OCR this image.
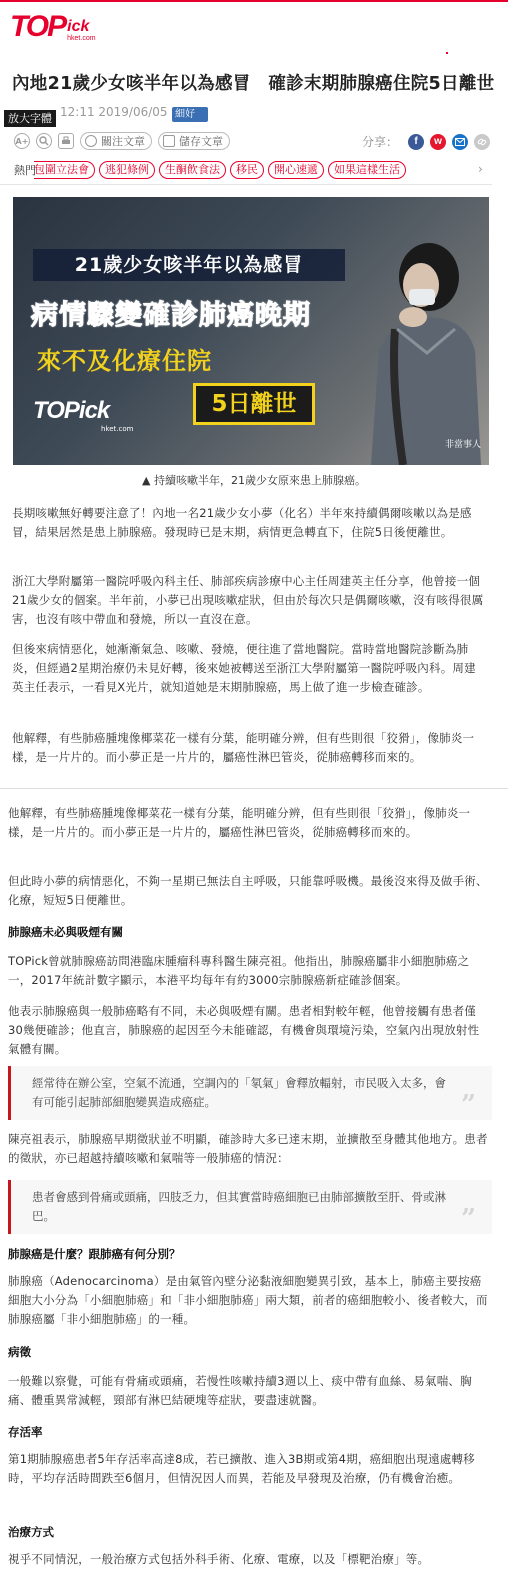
TOP ick
hket.com
內地21歲少女咳半年以為感冒　確診末期肺腺癌住院5日離世
12:11 2019/06/05 細好
放大字體
A+	關注文章	儲存文章	分享：	f	w
熱門
包圍立法會	逃犯條例	生酮飲食法	移民	開心速遞	如果這樣生活	›
21歲少女咳半年以為感冒
病情驟變確診肺癌晚期
來不及化療住院
5日離世
TOPick
hket.com
非當事人
▲ 持續咳嗽半年，21歲少女原來患上肺腺癌。

長期咳嗽無好轉要注意了！內地一名21歲少女小夢（化名）半年來持續偶爾咳嗽以為是感冒，結果居然是患上肺腺癌。發現時已是末期，病情更急轉直下，住院5日後便離世。

浙江大學附屬第一醫院呼吸內科主任、肺部疾病診療中心主任周建英主任分享，他曾接一個21歲少女的個案。半年前，小夢已出現咳嗽症狀，但由於每次只是偶爾咳嗽，沒有咳得很厲害，也沒有咳中帶血和發燒，所以一直沒在意。

但後來病情惡化，她漸漸氣急、咳嗽、發燒，便往進了當地醫院。當時當地醫院診斷為肺炎，但經過2星期治療仍未見好轉，後來她被轉送至浙江大學附屬第一醫院呼吸內科。周建英主任表示，一看見X光片，就知道她是末期肺腺癌，馬上做了進一步檢查確診。

他解釋，有些肺癌腫塊像椰菜花一樣有分葉，能明確分辨，但有些則很「狡猾」，像肺炎一樣，是一片片的。而小夢正是一片片的，屬癌性淋巴管炎，從肺癌轉移而來的。

他解釋，有些肺癌腫塊像椰菜花一樣有分葉，能明確分辨，但有些則很「狡猾」，像肺炎一樣，是一片片的。而小夢正是一片片的，屬癌性淋巴管炎，從肺癌轉移而來的。

但此時小夢的病情惡化，不夠一星期已無法自主呼吸，只能靠呼吸機。最後沒來得及做手術、化療，短短5日便離世。

肺腺癌未必與吸煙有關

TOPick曾就肺腺癌訪問港臨床腫瘤科專科醫生陳亮祖。他指出，肺腺癌屬非小細胞肺癌之一，2017年統計數字顯示，本港平均每年有約3000宗肺腺癌新症確診個案。

他表示肺腺癌與一般肺癌略有不同，未必與吸煙有關。患者相對較年輕，他曾接觸有患者僅30幾便確診；他直言，肺腺癌的起因至今未能確認，有機會與環境污染，空氣內出現放射性氣體有關。

經常待在辦公室，空氣不流通，空調內的「氡氣」會釋放輻射，市民吸入太多，會有可能引起肺部細胞變異造成癌症。	”

陳亮祖表示，肺腺癌早期徵狀並不明顯，確診時大多已達末期，並擴散至身體其他地方。患者的徵狀，亦已超越持續咳嗽和氣喘等一般肺癌的情況：

患者會感到骨痛或頭痛，四肢乏力，但其實當時癌細胞已由肺部擴散至肝、骨或淋巴。	”
肺腺癌是什麼？跟肺癌有何分別？

肺腺癌（Adenocarcinoma）是由氣管內壁分泌黏液細胞變異引致，基本上，肺癌主要按癌細胞大小分為「小細胞肺癌」和「非小細胞肺癌」兩大類，前者的癌細胞較小、後者較大，而肺腺癌屬「非小細胞肺癌」的一種。

病徵

一般難以察覺，可能有骨痛或頭痛，若慢性咳嗽持續3週以上、痰中帶有血絲、易氣喘、胸痛、體重異常減輕，頸部有淋巴結硬塊等症狀，要盡速就醫。

存活率

第1期肺腺癌患者5年存活率高達8成，若已擴散、進入3B期或第4期，癌細胞出現遠處轉移時，平均存活時間跌至6個月，但情況因人而異，若能及早發現及治療，仍有機會治癒。

治療方式

視乎不同情況，一般治療方式包括外科手術、化療、電療，以及「標靶治療」等。
